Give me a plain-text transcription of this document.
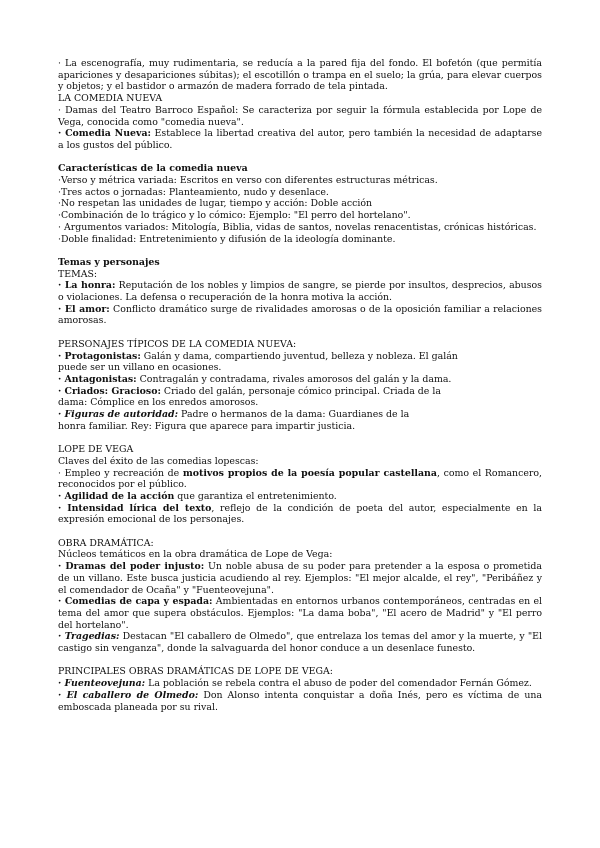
· La escenografía, muy rudimentaria, se reducía a la pared fija del fondo. El bofetón (que permitía apariciones y desapariciones súbitas); el escotillón o trampa en el suelo; la grúa, para elevar cuerpos y objetos; y el bastidor o armazón de madera forrado de tela pintada.

LA COMEDIA NUEVA

· Damas del Teatro Barroco Español: Se caracteriza por seguir la fórmula establecida por Lope de Vega, conocida como "comedia nueva".

· Comedia Nueva: Establece la libertad creativa del autor, pero también la necesidad de adaptarse a los gustos del público.

Características de la comedia nueva

·Verso y métrica variada: Escritos en verso con diferentes estructuras métricas.

·Tres actos o jornadas: Planteamiento, nudo y desenlace.

·No respetan las unidades de lugar, tiempo y acción: Doble acción

·Combinación de lo trágico y lo cómico: Ejemplo: "El perro del hortelano".

· Argumentos variados: Mitología, Biblia, vidas de santos, novelas renacentistas, crónicas históricas.

·Doble finalidad: Entretenimiento y difusión de la ideología dominante.

Temas y personajes

TEMAS:

· La honra: Reputación de los nobles y limpios de sangre, se pierde por insultos, desprecios, abusos o violaciones. La defensa o recuperación de la honra motiva la acción.

· El amor: Conflicto dramático surge de rivalidades amorosas o de la oposición familiar a relaciones amorosas.

PERSONAJES TÍPICOS DE LA COMEDIA NUEVA:

· Protagonistas: Galán y dama, compartiendo juventud, belleza y nobleza. El galán

puede ser un villano en ocasiones.

· Antagonistas: Contragalán y contradama, rivales amorosos del galán y la dama.

· Criados: Gracioso: Criado del galán, personaje cómico principal. Criada de la

dama: Cómplice en los enredos amorosos.

· Figuras de autoridad: Padre o hermanos de la dama: Guardianes de la

honra familiar. Rey: Figura que aparece para impartir justicia.

LOPE DE VEGA

Claves del éxito de las comedias lopescas:

· Empleo y recreación de motivos propios de la poesía popular castellana, como el Romancero, reconocidos por el público.

· Agilidad de la acción que garantiza el entretenimiento.

· Intensidad lírica del texto, reflejo de la condición de poeta del autor, especialmente en la expresión emocional de los personajes.

OBRA DRAMÁTICA:

Núcleos temáticos en la obra dramática de Lope de Vega:

· Dramas del poder injusto: Un noble abusa de su poder para pretender a la esposa o prometida de un villano. Este busca justicia acudiendo al rey. Ejemplos: "El mejor alcalde, el rey", "Peribáñez y el comendador de Ocaña" y "Fuenteovejuna".

· Comedias de capa y espada: Ambientadas en entornos urbanos contemporáneos, centradas en el tema del amor que supera obstáculos. Ejemplos: "La dama boba", "El acero de Madrid" y "El perro del hortelano".

· Tragedias: Destacan "El caballero de Olmedo", que entrelaza los temas del amor y la muerte, y "El castigo sin venganza", donde la salvaguarda del honor conduce a un desenlace funesto.

PRINCIPALES OBRAS DRAMÁTICAS DE LOPE DE VEGA:

· Fuenteovejuna: La población se rebela contra el abuso de poder del comendador Fernán Gómez.

· El caballero de Olmedo: Don Alonso intenta conquistar a doña Inés, pero es víctima de una emboscada planeada por su rival.
